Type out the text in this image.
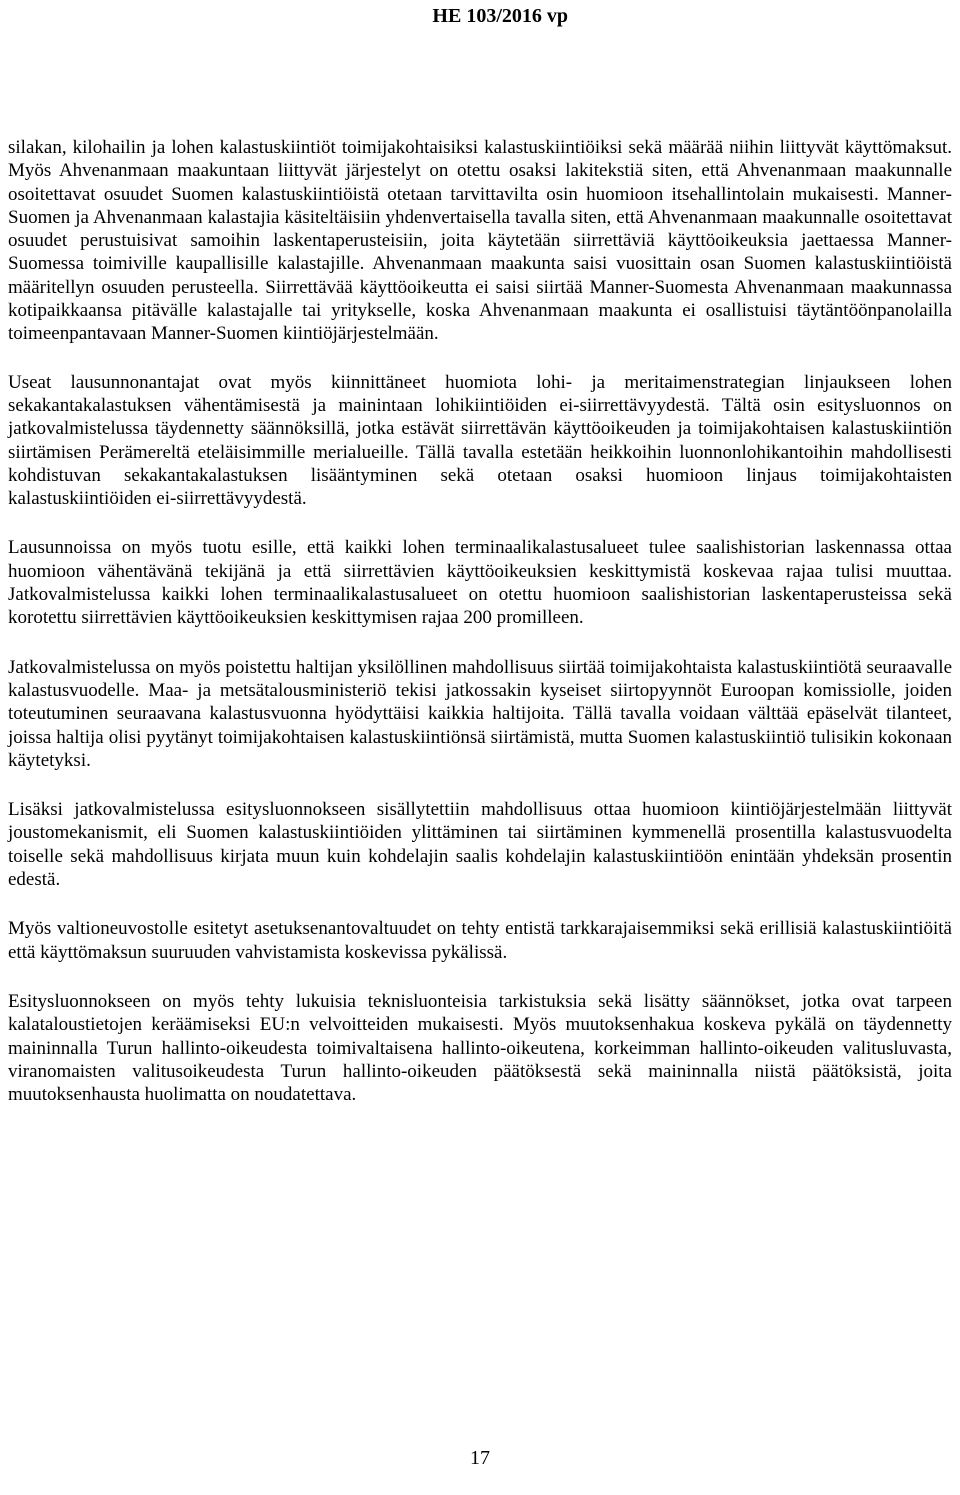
HE 103/2016 vp

silakan, kilohailin ja lohen kalastuskiintiöt toimijakohtaisiksi kalastuskiintiöiksi sekä määrää niihin liittyvät käyttömaksut. Myös Ahvenanmaan maakuntaan liittyvät järjestelyt on otettu osaksi lakitekstiä siten, että Ahvenanmaan maakunnalle osoitettavat osuudet Suomen kalastuskiintiöistä otetaan tarvittavilta osin huomioon itsehallintolain mukaisesti. Manner-Suomen ja Ahvenanmaan kalastajia käsiteltäisiin yhdenvertaisella tavalla siten, että Ahvenanmaan maakunnalle osoitettavat osuudet perustuisivat samoihin laskentaperusteisiin, joita käytetään siirrettäviä käyttöoikeuksia jaettaessa Manner-Suomessa toimiville kaupallisille kalastajille. Ahvenanmaan maakunta saisi vuosittain osan Suomen kalastuskiintiöistä määritellyn osuuden perusteella. Siirrettävää käyttöoikeutta ei saisi siirtää Manner-Suomesta Ahvenanmaan maakunnassa kotipaikkaansa pitävälle kalastajalle tai yritykselle, koska Ahvenanmaan maakunta ei osallistuisi täytäntöönpanolailla toimeenpantavaan Manner-Suomen kiintiöjärjestelmään.

Useat lausunnonantajat ovat myös kiinnittäneet huomiota lohi- ja meritaimenstrategian linjaukseen lohen sekakantakalastuksen vähentämisestä ja mainintaan lohikiintiöiden ei-siirrettävyydestä. Tältä osin esitysluonnos on jatkovalmistelussa täydennetty säännöksillä, jotka estävät siirrettävän käyttöoikeuden ja toimijakohtaisen kalastuskiintiön siirtämisen Perämereltä eteläisimmille merialueille. Tällä tavalla estetään heikkoihin luonnonlohikantoihin mahdollisesti kohdistuvan sekakantakalastuksen lisääntyminen sekä otetaan osaksi huomioon linjaus toimijakohtaisten kalastuskiintiöiden ei-siirrettävyydestä.

Lausunnoissa on myös tuotu esille, että kaikki lohen terminaalikalastusalueet tulee saalishistorian laskennassa ottaa huomioon vähentävänä tekijänä ja että siirrettävien käyttöoikeuksien keskittymistä koskevaa rajaa tulisi muuttaa. Jatkovalmistelussa kaikki lohen terminaalikalastusalueet on otettu huomioon saalishistorian laskentaperusteissa sekä korotettu siirrettävien käyttöoikeuksien keskittymisen rajaa 200 promilleen.

Jatkovalmistelussa on myös poistettu haltijan yksilöllinen mahdollisuus siirtää toimijakohtaista kalastuskiintiötä seuraavalle kalastusvuodelle. Maa- ja metsätalousministeriö tekisi jatkossakin kyseiset siirtopyynnöt Euroopan komissiolle, joiden toteutuminen seuraavana kalastusvuonna hyödyttäisi kaikkia haltijoita. Tällä tavalla voidaan välttää epäselvät tilanteet, joissa haltija olisi pyytänyt toimijakohtaisen kalastuskiintiönsä siirtämistä, mutta Suomen kalastuskiintiö tulisikin kokonaan käytetyksi.

Lisäksi jatkovalmistelussa esitysluonnokseen sisällytettiin mahdollisuus ottaa huomioon kiintiöjärjestelmään liittyvät joustomekanismit, eli Suomen kalastuskiintiöiden ylittäminen tai siirtäminen kymmenellä prosentilla kalastusvuodelta toiselle sekä mahdollisuus kirjata muun kuin kohdelajin saalis kohdelajin kalastuskiintiöön enintään yhdeksän prosentin edestä.

Myös valtioneuvostolle esitetyt asetuksenantovaltuudet on tehty entistä tarkkarajaisemmiksi sekä erillisiä kalastuskiintiöitä että käyttömaksun suuruuden vahvistamista koskevissa pykälissä.

Esitysluonnokseen on myös tehty lukuisia teknisluonteisia tarkistuksia sekä lisätty säännökset, jotka ovat tarpeen kalataloustietojen keräämiseksi EU:n velvoitteiden mukaisesti. Myös muutoksenhakua koskeva pykälä on täydennetty maininnalla Turun hallinto-oikeudesta toimivaltaisena hallinto-oikeutena, korkeimman hallinto-oikeuden valitusluvasta, viranomaisten valitusoikeudesta Turun hallinto-oikeuden päätöksestä sekä maininnalla niistä päätöksistä, joita muutoksenhausta huolimatta on noudatettava.

17
